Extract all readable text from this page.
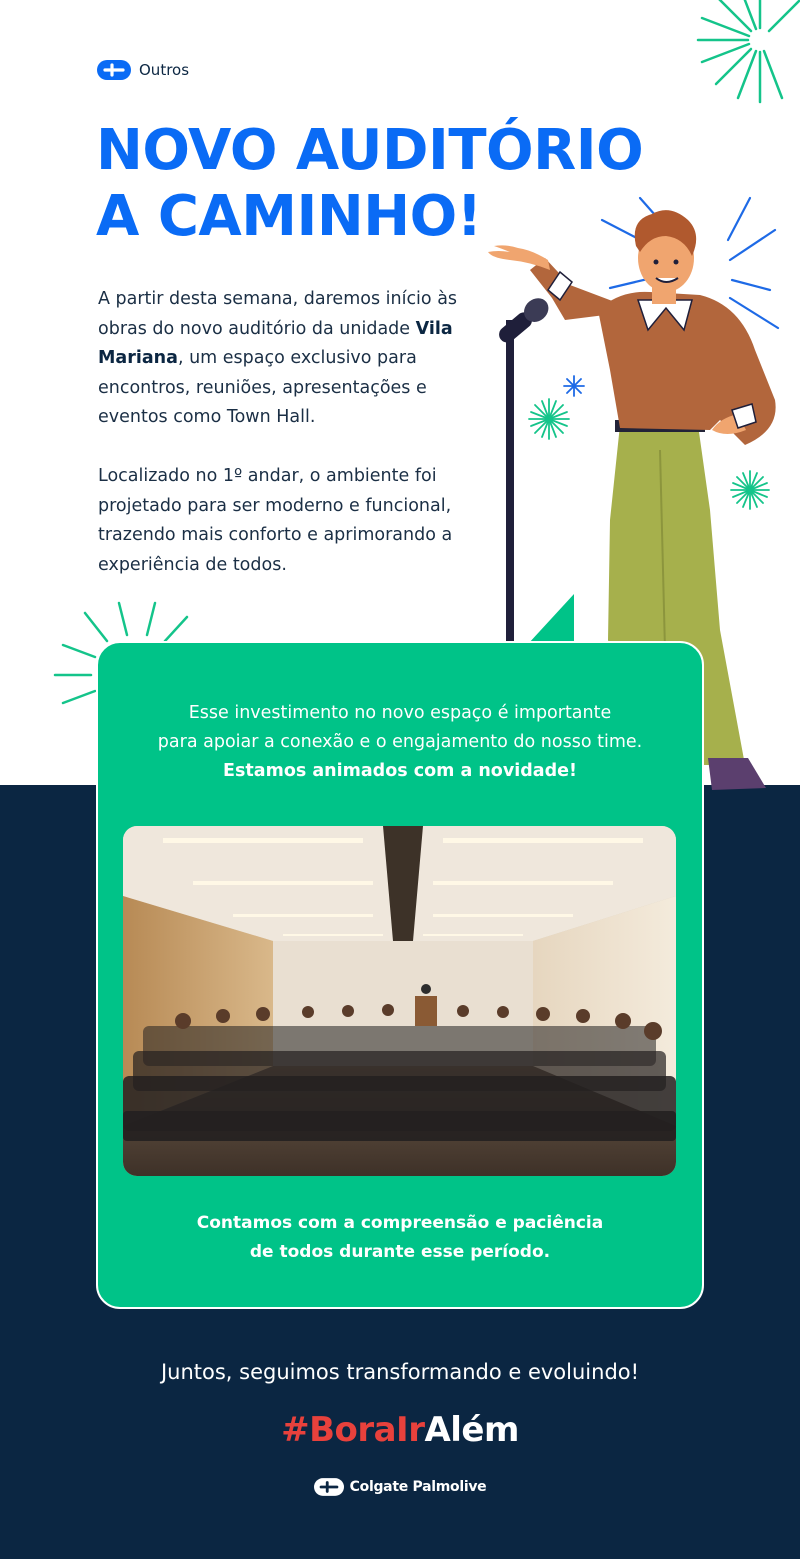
Outros
NOVO AUDITÓRIO
A CAMINHO!

A partir desta semana, daremos início às obras do novo auditório da unidade Vila Mariana, um espaço exclusivo para encontros, reuniões, apresentações e eventos como Town Hall.

Localizado no 1º andar, o ambiente foi projetado para ser moderno e funcional, trazendo mais conforto e aprimorando a experiência de todos.

Esse investimento no novo espaço é importante
para apoiar a conexão e o engajamento do nosso time.
Estamos animados com a novidade!
Contamos com a compreensão e paciência
de todos durante esse período.
Juntos, seguimos transformando e evoluindo!
#BoraIrAlém
Colgate Palmolive
